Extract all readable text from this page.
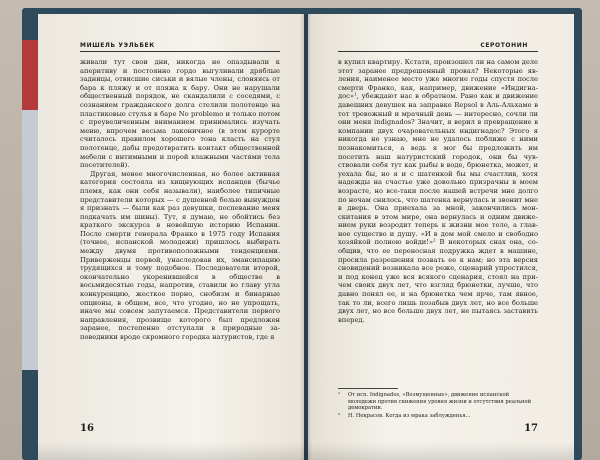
МИШЕЛЬ УЭЛЬБЕК

живали тут свои дни, никогда не опаздывали к аперитиву и постоянно гордо выгуливали дряблые задницы, отвисшие сиськи и вялые члены, слоняясь от бара к пляжу и от пляжа к бару. Они не нарушали общественный порядок, не скандалили с соседями, с сознанием гражданского долга стелили полотенце на пластиковые стулья в баре No problemo и только потом с преувеличенным вниманием принимались изучать меню, впрочем весьма лаконичное (в этом курорте считалось правилом хорошего тона класть на стул полотенце, дабы предотвратить контакт общественной мебели с интимными и порой влажными частями тела посетителей).

Другая, менее многочисленная, но более активная категория состояла из хищнующих испанцев (бычье племя, как они себя называли), наиболее типичные представители которых — с душевной болью вынужден я признать — были как раз девушки, поспевание меня подкачать им шины). Тут, я думаю, не обойтись без краткого экскурса в новейшую историю Испании. После смерти генерала Франко в 1975 году Испания (точнее, испанской молодежи) пришлось выбирать между двумя противоположными тенденциями. Приверженцы первой, унаследовав их, эмансипацию трудящихся и тому подобное. Последователи второй, окончательно укоренившейся в обществе в восьмидесятые годы, напротив, ставили во главу угла конкуренцию, жесткое порно, снобизм и бинарные опционы, в общем, все, что угодно, но не упрощать, иначе мы совсем запутаемся. Представители первого направления, прозвище которого был предложен заранее, постепенно отступали в природные заповедники вроде скромного городка натуристов, где я

16
СЕРОТОНИН

в купил квартиру. Кстати, произошел ли на самом деле этот заранее предрешенный провал? Некоторые явления, наименее место уже многие годы спустя после смерти Франко, как, например, движение «Индигнадос»¹, убеждают нас в обратном. Рано как и движение давешних девушек на заправке Repsol в Аль-Альхаме в тот тревожный и мрачный день — интересно, сочли ли они меня indignados? Значит, я верил в превращение в компании двух очаровательных индигнадос? Этого я никогда не узнаю, мне не удалось поближе с ними познакомиться, а ведь я мог бы предложить им посетить наш натуристский городок, они бы чувствовали себя тут как рыбы в воде, брюнетка, может, и уехала бы, но я и с шатенкой бы мы счастлив, хотя надежды на счастье уже довольно призрачны в моем возрасте, но все-таки после нашей встречи мне долго по ночам снилось, что шатенка вернулась и звонит мне в дверь. Она приехала за мной, закончились монскитания в этом мире, она вернулась и одним движением руки возродит теперь к жизни мое тело, а главное существо и душу. «И в дом мой смело и свободно хозяйкой полною войди!»² В некоторых снах она, сообщив, что ее переносная подружка ждет в машине, просила разрешения позвать ее к нам; но эта версия сновидений возникала все реже, сценарий упростился, и под конец уже вся всякого сценария, стоял на причем своих двух лет, что взгляд брюнетки, лучше, что давно понял ее, и на брюнетка чем ярче, там явное, так то ли, всего лишь позабыв двух лет, но все больше двух лет, но все больше двух лет, не пытаясь заставить вперед.

¹	От исп. Indignados, «Возмущенные», движение испанской молодежи против снижения уровня жизни и отсутствия реальной демократии.
²	Н. Некрасов. Когда из мрака заблужденья...
17
